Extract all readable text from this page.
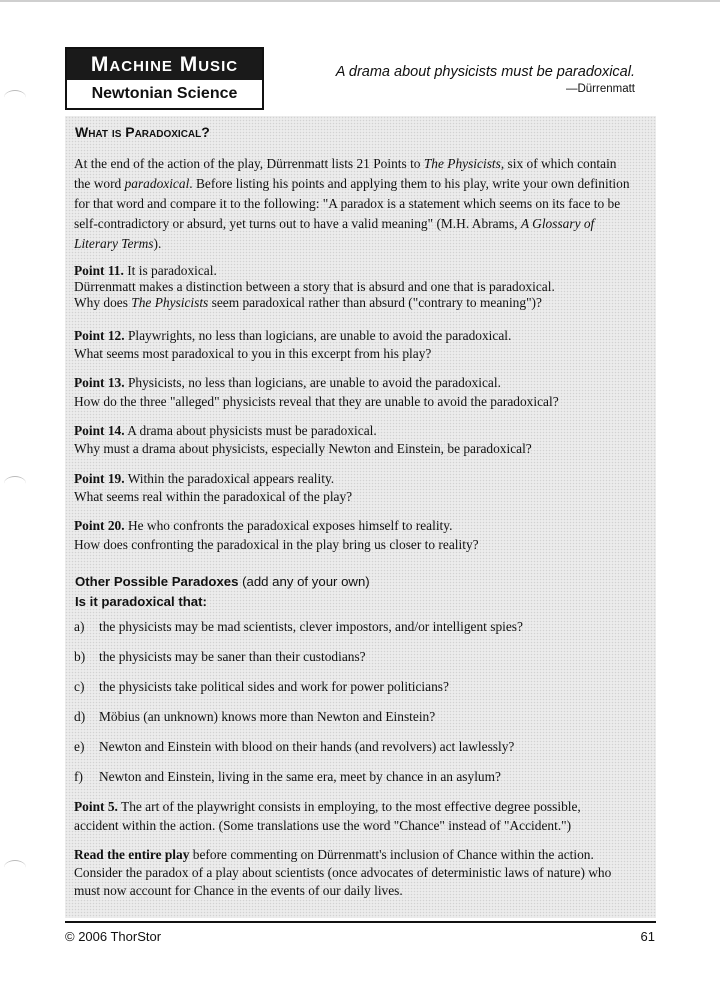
Machine Music
Newtonian Science
A drama about physicists must be paradoxical.
—Dürrenmatt
What is Paradoxical?
At the end of the action of the play, Dürrenmatt lists 21 Points to The Physicists, six of which contain
the word paradoxical. Before listing his points and applying them to his play, write your own definition
for that word and compare it to the following: "A paradox is a statement which seems on its face to be
self-contradictory or absurd, yet turns out to have a valid meaning" (M.H. Abrams, A Glossary of
Literary Terms).
Point 11. It is paradoxical.
Dürrenmatt makes a distinction between a story that is absurd and one that is paradoxical.
Why does The Physicists seem paradoxical rather than absurd ("contrary to meaning")?
Point 12. Playwrights, no less than logicians, are unable to avoid the paradoxical.
What seems most paradoxical to you in this excerpt from his play?
Point 13. Physicists, no less than logicians, are unable to avoid the paradoxical.
How do the three "alleged" physicists reveal that they are unable to avoid the paradoxical?
Point 14. A drama about physicists must be paradoxical.
Why must a drama about physicists, especially Newton and Einstein, be paradoxical?
Point 19. Within the paradoxical appears reality.
What seems real within the paradoxical of the play?
Point 20. He who confronts the paradoxical exposes himself to reality.
How does confronting the paradoxical in the play bring us closer to reality?
Other Possible Paradoxes (add any of your own)
Is it paradoxical that:
a) the physicists may be mad scientists, clever impostors, and/or intelligent spies?
b) the physicists may be saner than their custodians?
c) the physicists take political sides and work for power politicians?
d) Möbius (an unknown) knows more than Newton and Einstein?
e) Newton and Einstein with blood on their hands (and revolvers) act lawlessly?
f) Newton and Einstein, living in the same era, meet by chance in an asylum?
Point 5. The art of the playwright consists in employing, to the most effective degree possible,
accident within the action. (Some translations use the word "Chance" instead of "Accident.")
Read the entire play before commenting on Dürrenmatt's inclusion of Chance within the action.
Consider the paradox of a play about scientists (once advocates of deterministic laws of nature) who
must now account for Chance in the events of our daily lives.
© 2006 ThorStor	61
